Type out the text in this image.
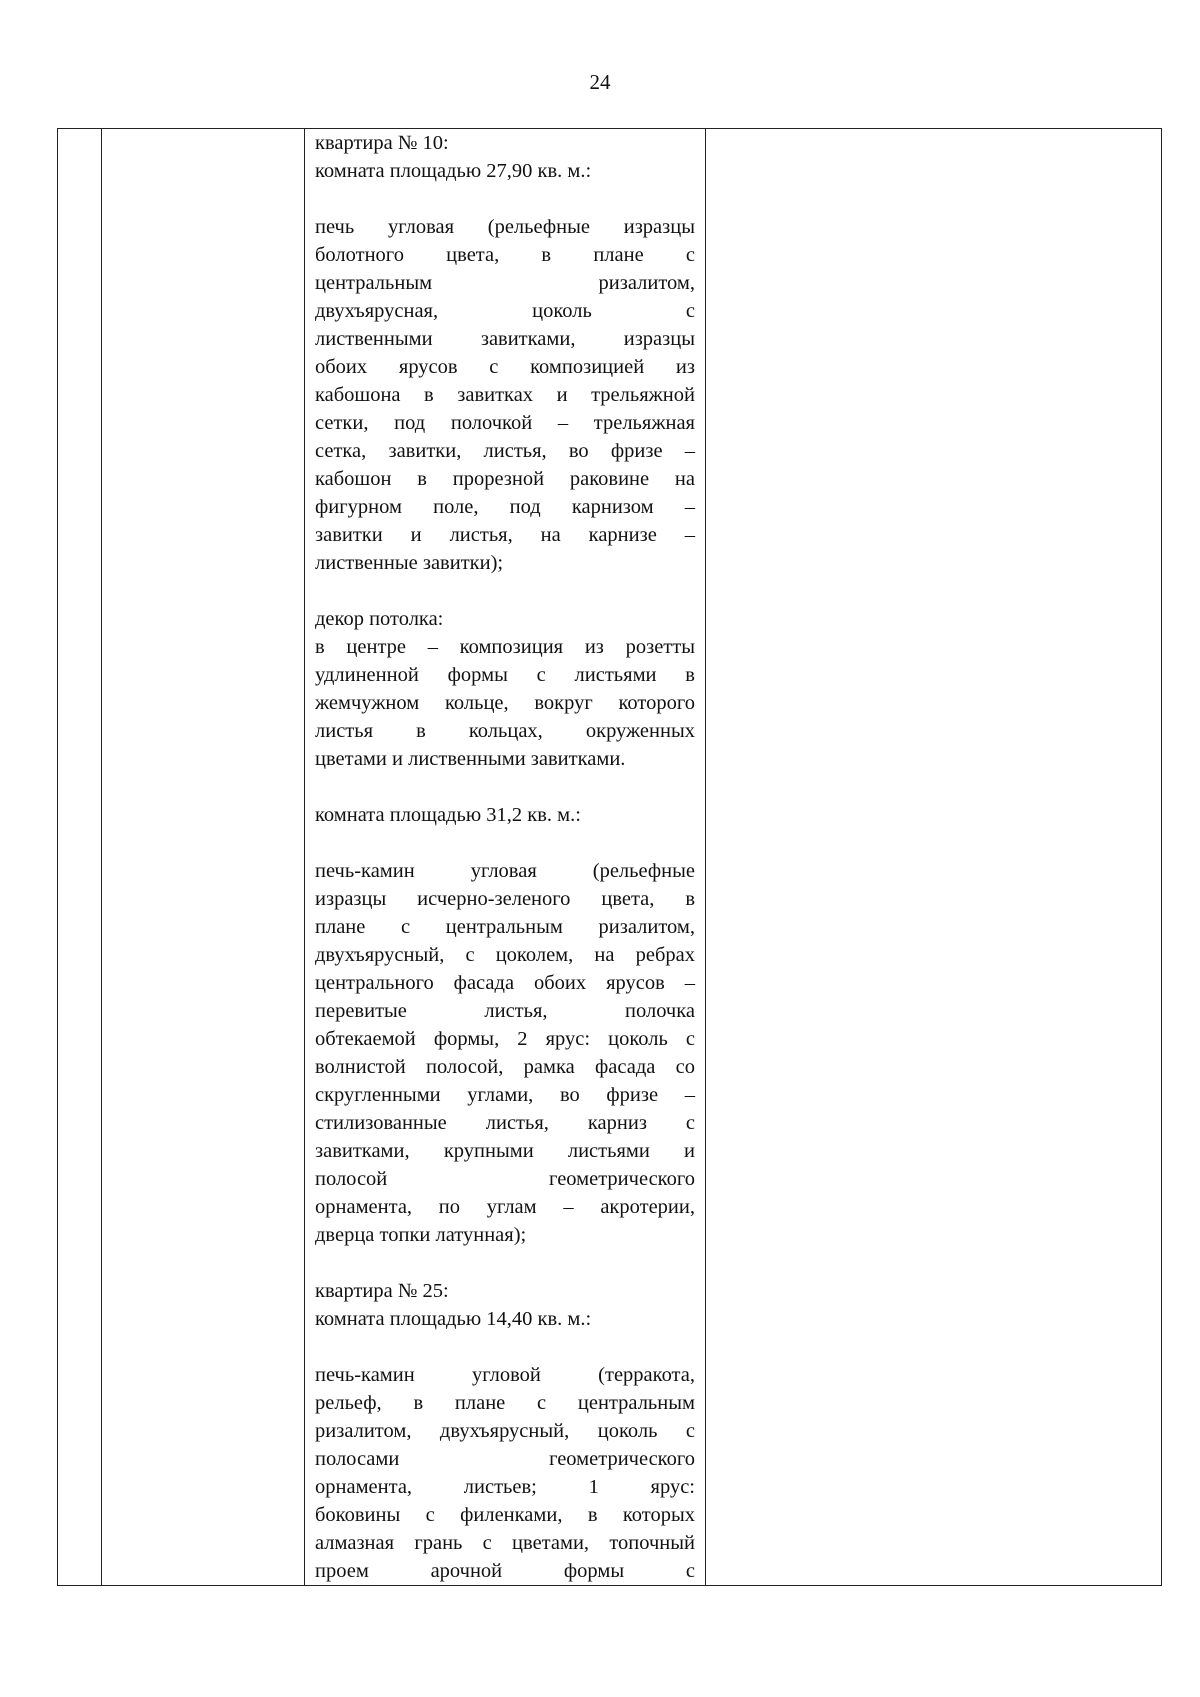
24

квартира № 10:

комната площадью 27,90 кв. м.:

печь угловая (рельефные изразцы

болотного цвета, в плане с

центральным ризалитом,

двухъярусная, цоколь с

лиственными завитками, изразцы

обоих ярусов с композицией из

кабошона в завитках и трельяжной

сетки, под полочкой – трельяжная

сетка, завитки, листья, во фризе –

кабошон в прорезной раковине на

фигурном поле, под карнизом –

завитки и листья, на карнизе –

лиственные завитки);

декор потолка:

в центре – композиция из розетты

удлиненной формы с листьями в

жемчужном кольце, вокруг которого

листья в кольцах, окруженных

цветами и лиственными завитками.

комната площадью 31,2 кв. м.:

печь-камин угловая (рельефные

изразцы исчерно-зеленого цвета, в

плане с центральным ризалитом,

двухъярусный, с цоколем, на ребрах

центрального фасада обоих ярусов –

перевитые листья, полочка

обтекаемой формы, 2 ярус: цоколь с

волнистой полосой, рамка фасада со

скругленными углами, во фризе –

стилизованные листья, карниз с

завитками, крупными листьями и

полосой геометрического

орнамента, по углам – акротерии,

дверца топки латунная);

квартира № 25:

комната площадью 14,40 кв. м.:

печь-камин угловой (терракота,

рельеф, в плане с центральным

ризалитом, двухъярусный, цоколь с

полосами геометрического

орнамента, листьев; 1 ярус:

боковины с филенками, в которых

алмазная грань с цветами, топочный

проем арочной формы с
